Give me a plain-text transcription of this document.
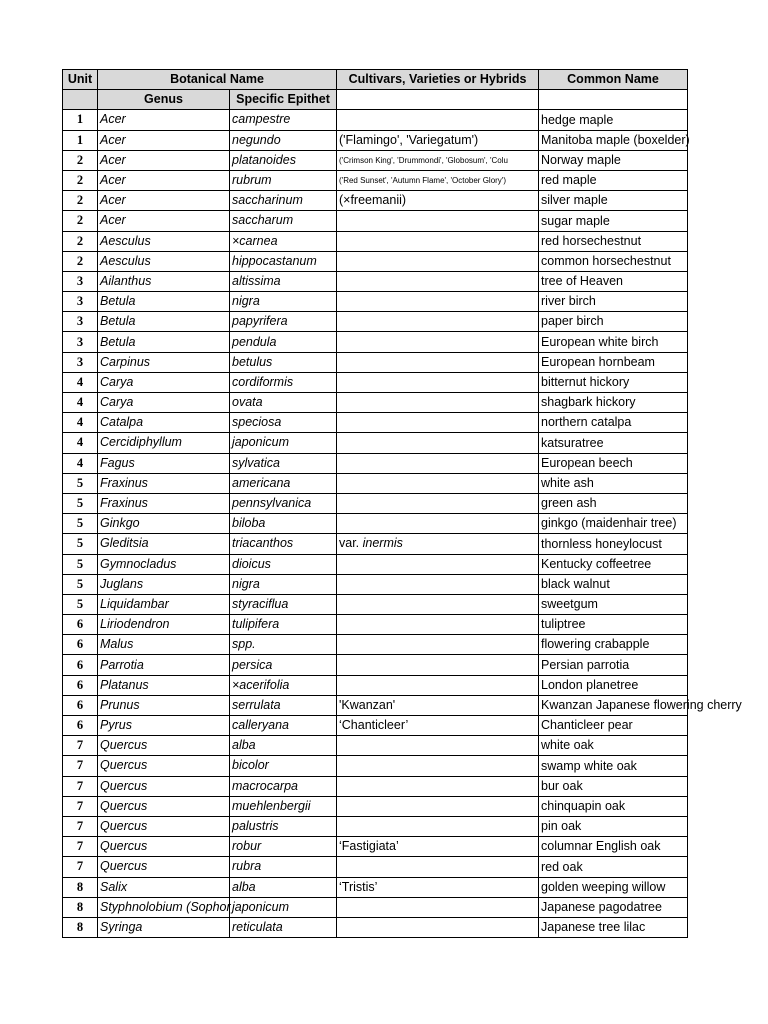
Unit	Botanical Name		Cultivars, Varieties or Hybrids	Common Name
	Genus	Specific Epithet		
1	Acer	campestre		hedge maple
1	Acer	negundo	('Flamingo', 'Variegatum')	Manitoba maple (boxelder)
2	Acer	platanoides	('Crimson King', 'Drummondi', 'Globosum', 'Colu	Norway maple
2	Acer	rubrum	('Red Sunset', 'Autumn Flame', 'October Glory')	red maple
2	Acer	saccharinum	(×freemanii)	silver maple
2	Acer	saccharum		sugar maple
2	Aesculus	×carnea		red horsechestnut
2	Aesculus	hippocastanum		common horsechestnut
3	Ailanthus	altissima		tree of Heaven
3	Betula	nigra		river birch
3	Betula	papyrifera		paper birch
3	Betula	pendula		European white birch
3	Carpinus	betulus		European hornbeam
4	Carya	cordiformis		bitternut hickory
4	Carya	ovata		shagbark hickory
4	Catalpa	speciosa		northern catalpa
4	Cercidiphyllum	japonicum		katsuratree
4	Fagus	sylvatica		European beech
5	Fraxinus	americana		white ash
5	Fraxinus	pennsylvanica		green ash
5	Ginkgo	biloba		ginkgo (maidenhair tree)
5	Gleditsia	triacanthos	var. inermis	thornless honeylocust
5	Gymnocladus	dioicus		Kentucky coffeetree
5	Juglans	nigra		black walnut
5	Liquidambar	styraciflua		sweetgum
6	Liriodendron	tulipifera		tuliptree
6	Malus	spp.		flowering crabapple
6	Parrotia	persica		Persian parrotia
6	Platanus	×acerifolia		London planetree
6	Prunus	serrulata	'Kwanzan'	Kwanzan Japanese flowering cherry
6	Pyrus	calleryana	‘Chanticleer’	Chanticleer pear
7	Quercus	alba		white oak
7	Quercus	bicolor		swamp white oak
7	Quercus	macrocarpa		bur oak
7	Quercus	muehlenbergii		chinquapin oak
7	Quercus	palustris		pin oak
7	Quercus	robur	‘Fastigiata’	columnar English oak
7	Quercus	rubra		red oak
8	Salix	alba	‘Tristis’	golden weeping willow
8	Styphnolobium (Sophor	japonicum		Japanese pagodatree
8	Syringa	reticulata		Japanese tree lilac
